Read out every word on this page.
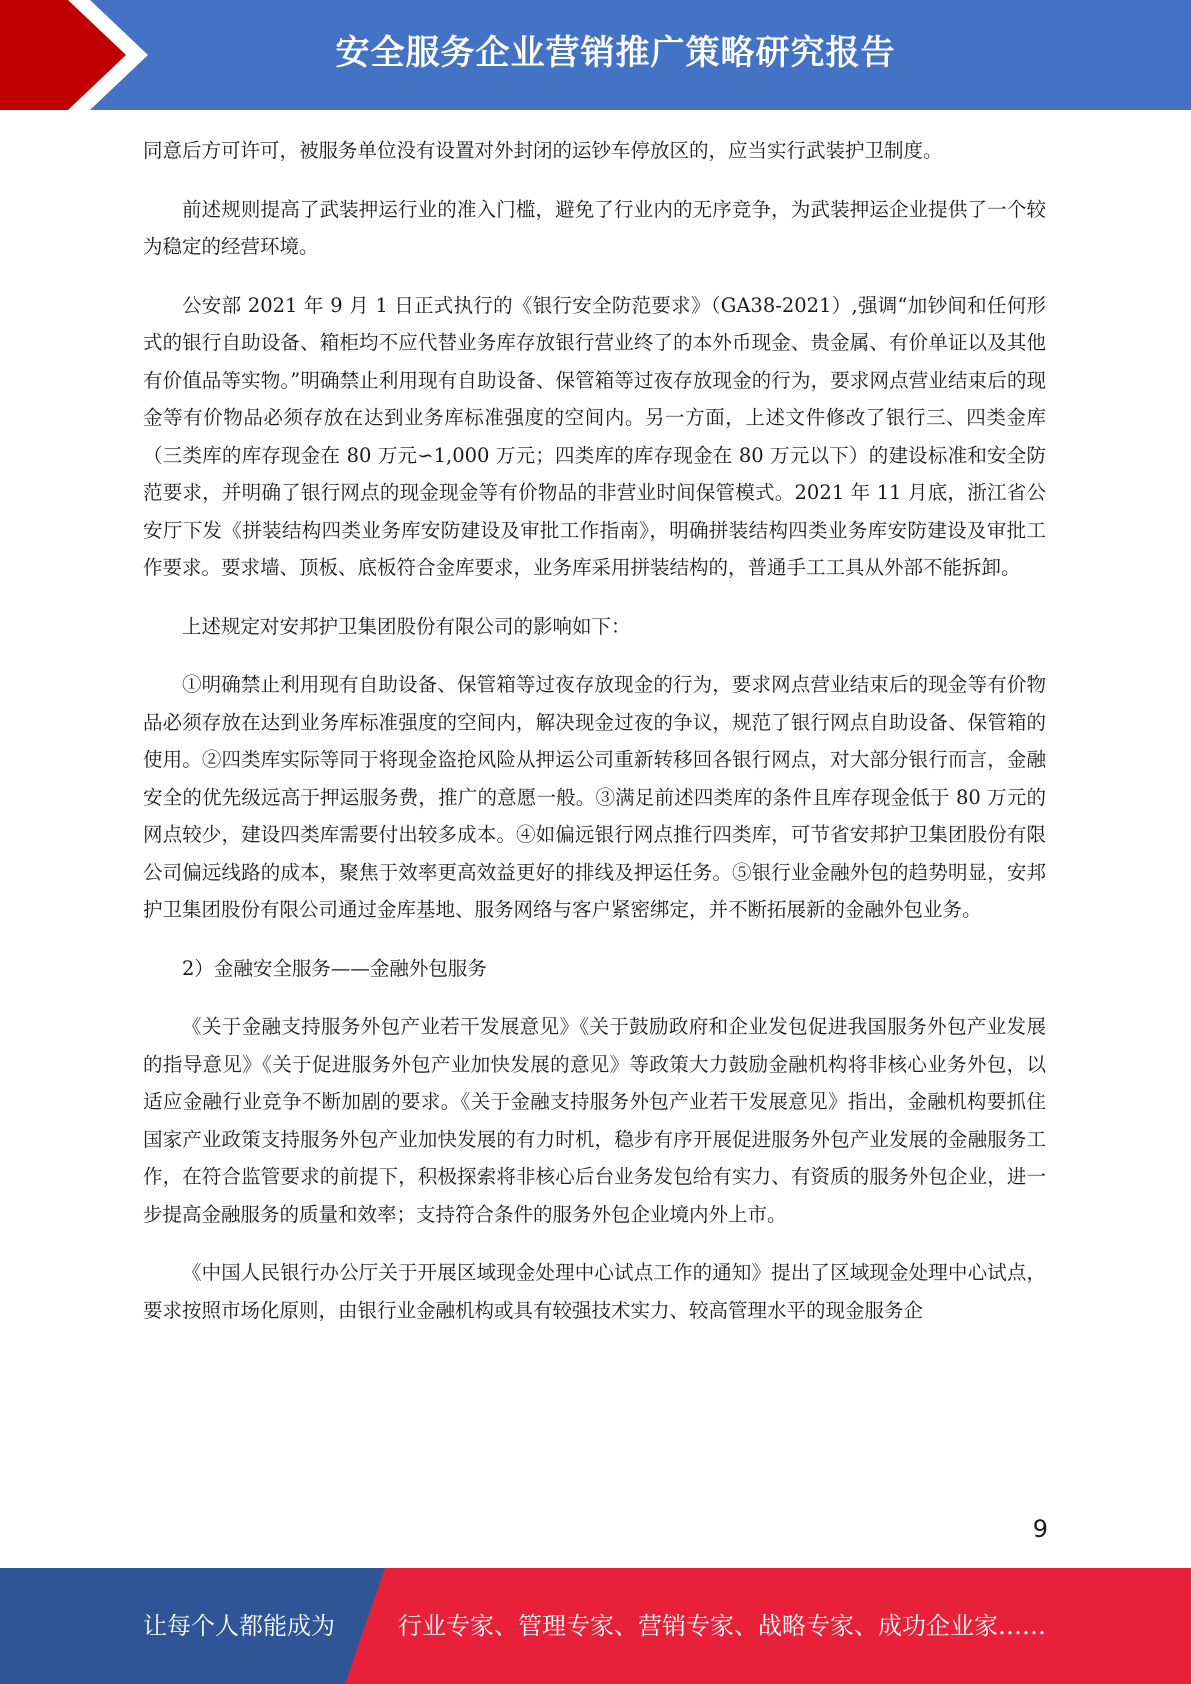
安全服务企业营销推广策略研究报告

同意后方可许可，被服务单位没有设置对外封闭的运钞车停放区的，应当实行武装护卫制度。

前述规则提高了武装押运行业的准入门槛，避免了行业内的无序竞争，为武装押运企业提供了一个较为稳定的经营环境。

公安部 2021 年 9 月 1 日正式执行的《银行安全防范要求》（GA38-2021）,强调“加钞间和任何形式的银行自助设备、箱柜均不应代替业务库存放银行营业终了的本外币现金、贵金属、有价单证以及其他有价值品等实物。”明确禁止利用现有自助设备、保管箱等过夜存放现金的行为，要求网点营业结束后的现金等有价物品必须存放在达到业务库标准强度的空间内。另一方面，上述文件修改了银行三、四类金库（三类库的库存现金在 80 万元∽1,000 万元；四类库的库存现金在 80 万元以下）的建设标准和安全防范要求，并明确了银行网点的现金现金等有价物品的非营业时间保管模式。2021 年 11 月底，浙江省公安厅下发《拼装结构四类业务库安防建设及审批工作指南》，明确拼装结构四类业务库安防建设及审批工作要求。要求墙、顶板、底板符合金库要求，业务库采用拼装结构的，普通手工工具从外部不能拆卸。

上述规定对安邦护卫集团股份有限公司的影响如下：

①明确禁止利用现有自助设备、保管箱等过夜存放现金的行为，要求网点营业结束后的现金等有价物品必须存放在达到业务库标准强度的空间内，解决现金过夜的争议，规范了银行网点自助设备、保管箱的使用。②四类库实际等同于将现金盗抢风险从押运公司重新转移回各银行网点，对大部分银行而言，金融安全的优先级远高于押运服务费，推广的意愿一般。③满足前述四类库的条件且库存现金低于 80 万元的网点较少，建设四类库需要付出较多成本。④如偏远银行网点推行四类库，可节省安邦护卫集团股份有限公司偏远线路的成本，聚焦于效率更高效益更好的排线及押运任务。⑤银行业金融外包的趋势明显，安邦护卫集团股份有限公司通过金库基地、服务网络与客户紧密绑定，并不断拓展新的金融外包业务。

2）金融安全服务——金融外包服务

《关于金融支持服务外包产业若干发展意见》《关于鼓励政府和企业发包促进我国服务外包产业发展的指导意见》《关于促进服务外包产业加快发展的意见》等政策大力鼓励金融机构将非核心业务外包，以适应金融行业竞争不断加剧的要求。《关于金融支持服务外包产业若干发展意见》指出，金融机构要抓住国家产业政策支持服务外包产业加快发展的有力时机，稳步有序开展促进服务外包产业发展的金融服务工作，在符合监管要求的前提下，积极探索将非核心后台业务发包给有实力、有资质的服务外包企业，进一步提高金融服务的质量和效率；支持符合条件的服务外包企业境内外上市。

《中国人民银行办公厅关于开展区域现金处理中心试点工作的通知》提出了区域现金处理中心试点，要求按照市场化原则，由银行业金融机构或具有较强技术实力、较高管理水平的现金服务企

9
让每个人都能成为	行业专家、管理专家、营销专家、战略专家、成功企业家……
